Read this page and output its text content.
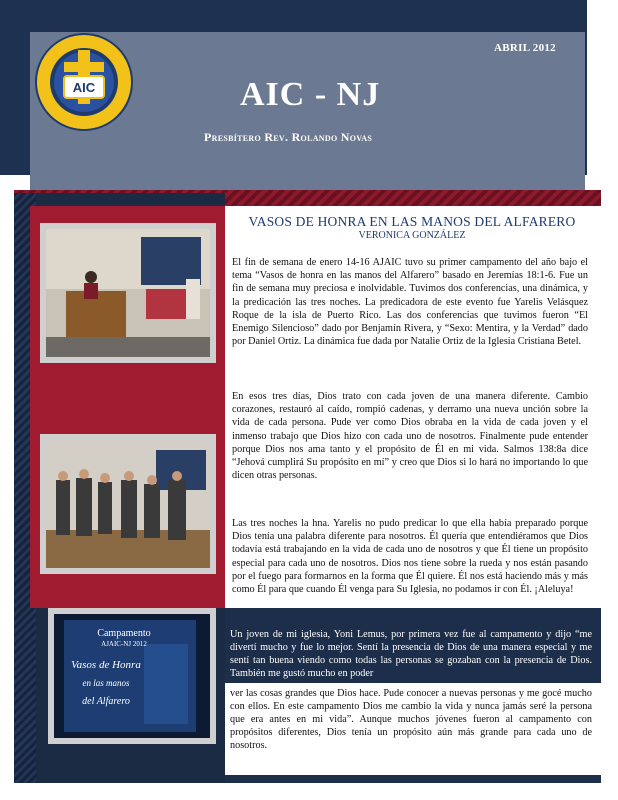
AIC
ABRIL 2012
AIC - NJ
Presbítero Rev. Rolando Novas
Campamento
AJAIC-NJ 2012
Vasos de Honra
en las manos
del Alfarero
VASOS DE HONRA EN LAS MANOS DEL ALFARERO
VERONICA GONZÁLEZ

El fin de semana de enero 14-16 AJAIC tuvo su primer campamento del año bajo el tema “Vasos de honra en las manos del Alfarero” basado en Jeremías 18:1-6. Fue un fin de semana muy preciosa e inolvidable. Tuvimos dos conferencias, una dinámica, y la predicación las tres noches. La predicadora de este evento fue Yarelis Velásquez Roque de la isla de Puerto Rico. Las dos conferencias que tuvimos fueron “El Enemigo Silencioso” dado por Benjamín Rivera, y “Sexo: Mentira, y la Verdad” dado por Daniel Ortiz. La dinámica fue dada por Natalie Ortiz de la Iglesia Cristiana Betel.

En esos tres días, Dios trato con cada joven de una manera diferente. Cambio corazones, restauró al caído, rompió cadenas, y derramo una nueva unción sobre la vida de cada persona. Pude ver como Dios obraba en la vida de cada joven y el inmenso trabajo que Dios hizo con cada uno de nosotros. Finalmente pude entender porque Dios nos ama tanto y el propósito de Él en mi vida. Salmos 138:8a dice “Jehová cumplirá Su propósito en mí” y creo que Dios si lo hará no importando lo que dicen otras personas.

Las tres noches la hna. Yarelis no pudo predicar lo que ella había preparado porque Dios tenía una palabra diferente para nosotros. Él quería que entendiéramos que Dios todavía está trabajando en la vida de cada uno de nosotros y que Él tiene un propósito especial para cada uno de nosotros. Dios nos tiene sobre la rueda y nos están pasando por el fuego para formarnos en la forma que Él quiere. Él nos está haciendo más y más como Él para que cuando Él venga para Su Iglesia, no podamos ir con Él. ¡Aleluya!

Un joven de mi iglesia, Yoni Lemus, por primera vez fue al campamento y dijo “me divertí mucho y fue lo mejor. Sentí la presencia de Dios de una manera especial y me sentí tan buena viendo como todas las personas se gozaban con la presencia de Dios. También me gustó mucho en poder

ver las cosas grandes que Dios hace. Pude conocer a nuevas personas y me gocé mucho con ellos. En este campamento Dios me cambio la vida y nunca jamás seré la persona que era antes en mi vida”. Aunque muchos jóvenes fueron al campamento con propósitos diferentes, Dios tenía un propósito aún más grande para cada uno de nosotros.
